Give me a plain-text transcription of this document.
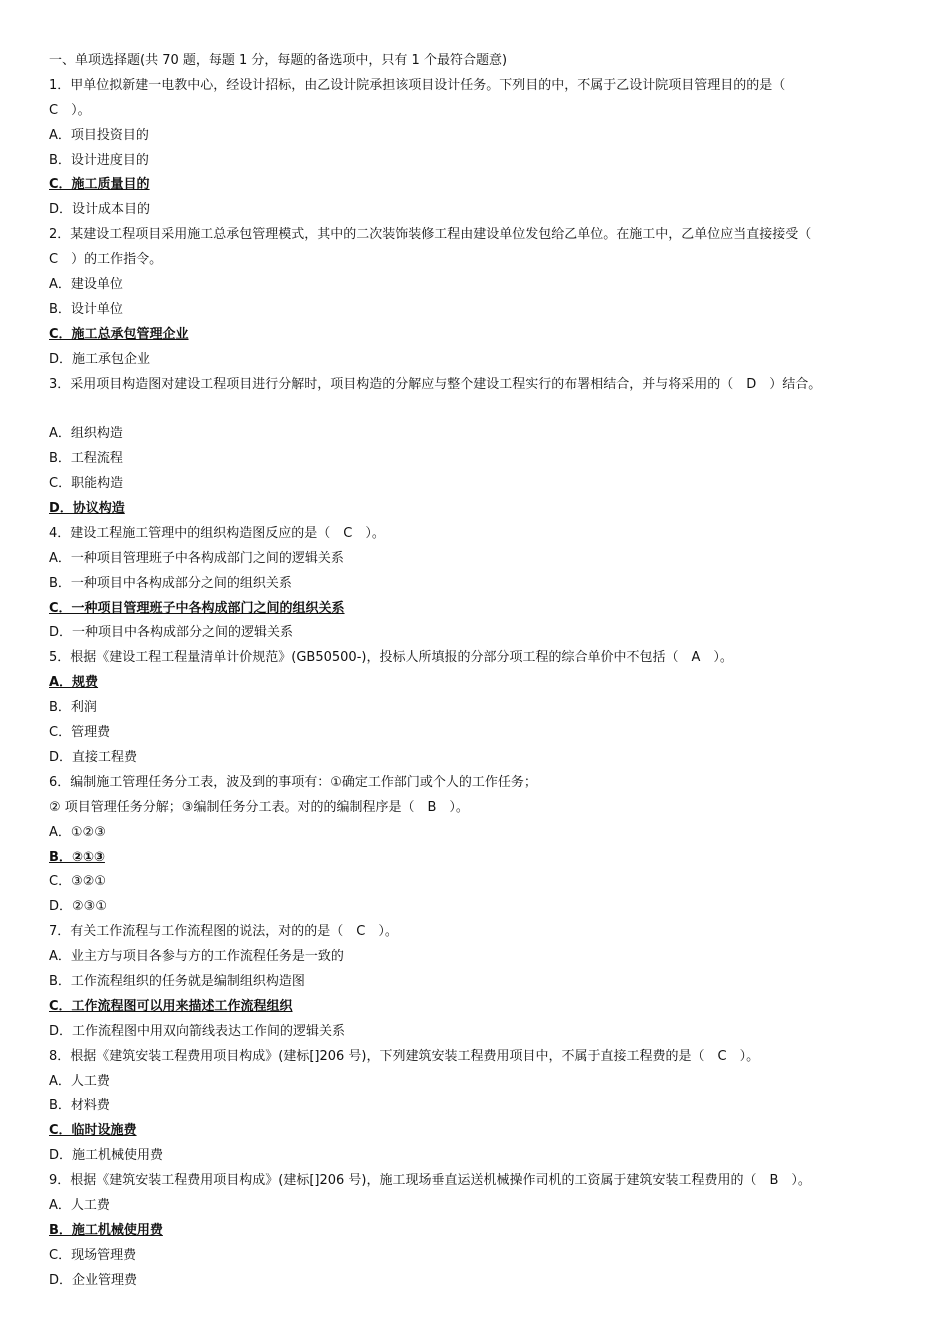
一、单项选择题(共 70 题，每题 1 分，每题的备选项中，只有 1 个最符合题意)
1．甲单位拟新建一电教中心，经设计招标，由乙设计院承担该项目设计任务。下列目的中，不属于乙设计院项目管理目的的是（
C　）。
A．项目投资目的
B．设计进度目的
C．施工质量目的
D．设计成本目的
2．某建设工程项目采用施工总承包管理模式，其中的二次装饰装修工程由建设单位发包给乙单位。在施工中，乙单位应当直接接受（
C　）的工作指令。
A．建设单位
B．设计单位
C．施工总承包管理企业
D．施工承包企业
3．采用项目构造图对建设工程项目进行分解时，项目构造的分解应与整个建设工程实行的布署相结合，并与将采用的（　D　）结合。
A．组织构造
B．工程流程
C．职能构造
D．协议构造
4．建设工程施工管理中的组织构造图反应的是（　C　）。
A．一种项目管理班子中各构成部门之间的逻辑关系
B．一种项目中各构成部分之间的组织关系
C．一种项目管理班子中各构成部门之间的组织关系
D．一种项目中各构成部分之间的逻辑关系
5．根据《建设工程工程量清单计价规范》(GB50500-)，投标人所填报的分部分项工程的综合单价中不包括（　A　）。
A．规费
B．利润
C．管理费
D．直接工程费
6．编制施工管理任务分工表，波及到的事项有：①确定工作部门或个人的工作任务；
② 项目管理任务分解；③编制任务分工表。对的的编制程序是（　B　）。
A．①②③
B．②①③
C．③②①
D．②③①
7．有关工作流程与工作流程图的说法，对的的是（　C　）。
A．业主方与项目各参与方的工作流程任务是一致的
B．工作流程组织的任务就是编制组织构造图
C．工作流程图可以用来描述工作流程组织
D．工作流程图中用双向箭线表达工作间的逻辑关系
8．根据《建筑安装工程费用项目构成》(建标[]206 号)，下列建筑安装工程费用项目中，不属于直接工程费的是（　C　）。
A．人工费
B．材料费
C．临时设施费
D．施工机械使用费
9．根据《建筑安装工程费用项目构成》(建标[]206 号)，施工现场垂直运送机械操作司机的工资属于建筑安装工程费用的（　B　）。
A．人工费
B．施工机械使用费
C．现场管理费
D．企业管理费
